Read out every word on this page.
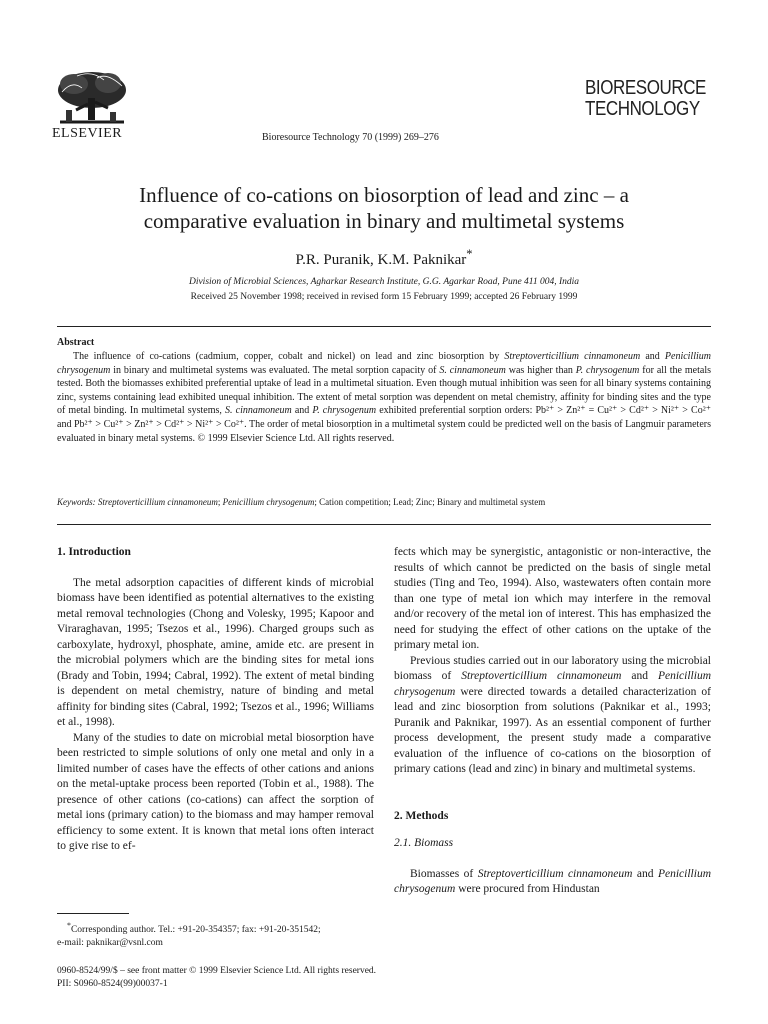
ELSEVIER	Bioresource Technology 70 (1999) 269–276
BIORESOURCE
TECHNOLOGY
Influence of co-cations on biosorption of lead and zinc – a
comparative evaluation in binary and multimetal systems
P.R. Puranik, K.M. Paknikar*
Division of Microbial Sciences, Agharkar Research Institute, G.G. Agarkar Road, Pune 411 004, India
Received 25 November 1998; received in revised form 15 February 1999; accepted 26 February 1999
Abstract

The influence of co-cations (cadmium, copper, cobalt and nickel) on lead and zinc biosorption by Streptoverticillium cinnamoneum and Penicillium chrysogenum in binary and multimetal systems was evaluated. The metal sorption capacity of S. cinnamoneum was higher than P. chrysogenum for all the metals tested. Both the biomasses exhibited preferential uptake of lead in a multimetal situation. Even though mutual inhibition was seen for all binary systems containing zinc, systems containing lead exhibited unequal inhibition. The extent of metal sorption was dependent on metal chemistry, affinity for binding sites and the type of metal binding. In multimetal systems, S. cinnamoneum and P. chrysogenum exhibited preferential sorption orders: Pb²⁺ > Zn²⁺ = Cu²⁺ > Cd²⁺ > Ni²⁺ > Co²⁺ and Pb²⁺ > Cu²⁺ > Zn²⁺ > Cd²⁺ > Ni²⁺ > Co²⁺. The order of metal biosorption in a multimetal system could be predicted well on the basis of Langmuir parameters evaluated in binary metal systems. © 1999 Elsevier Science Ltd. All rights reserved.

Keywords: Streptoverticillium cinnamoneum; Penicillium chrysogenum; Cation competition; Lead; Zinc; Binary and multimetal system
1. Introduction

The metal adsorption capacities of different kinds of microbial biomass have been identified as potential alternatives to the existing metal removal technologies (Chong and Volesky, 1995; Kapoor and Viraraghavan, 1995; Tsezos et al., 1996). Charged groups such as carboxylate, hydroxyl, phosphate, amine, amide etc. are present in the microbial polymers which are the binding sites for metal ions (Brady and Tobin, 1994; Cabral, 1992). The extent of metal binding is dependent on metal chemistry, nature of binding and metal affinity for binding sites (Cabral, 1992; Tsezos et al., 1996; Williams et al., 1998).

Many of the studies to date on microbial metal biosorption have been restricted to simple solutions of only one metal and only in a limited number of cases have the effects of other cations and anions on the metal-uptake process been reported (Tobin et al., 1988). The presence of other cations (co-cations) can affect the sorption of metal ions (primary cation) to the biomass and may hamper removal efficiency to some extent. It is known that metal ions often interact to give rise to ef-

fects which may be synergistic, antagonistic or non-interactive, the results of which cannot be predicted on the basis of single metal studies (Ting and Teo, 1994). Also, wastewaters often contain more than one type of metal ion which may interfere in the removal and/or recovery of the metal ion of interest. This has emphasized the need for studying the effect of other cations on the uptake of the primary metal ion.

Previous studies carried out in our laboratory using the microbial biomass of Streptoverticillium cinnamoneum and Penicillium chrysogenum were directed towards a detailed characterization of lead and zinc biosorption from solutions (Paknikar et al., 1993; Puranik and Paknikar, 1997). As an essential component of further process development, the present study made a comparative evaluation of the influence of co-cations on the biosorption of primary cations (lead and zinc) in binary and multimetal systems.

2. Methods
2.1. Biomass

Biomasses of Streptoverticillium cinnamoneum and Penicillium chrysogenum were procured from Hindustan

*Corresponding author. Tel.: +91-20-354357; fax: +91-20-351542;
e-mail: paknikar@vsnl.com
0960-8524/99/$ – see front matter © 1999 Elsevier Science Ltd. All rights reserved.
PII: S0960-8524(99)00037-1
